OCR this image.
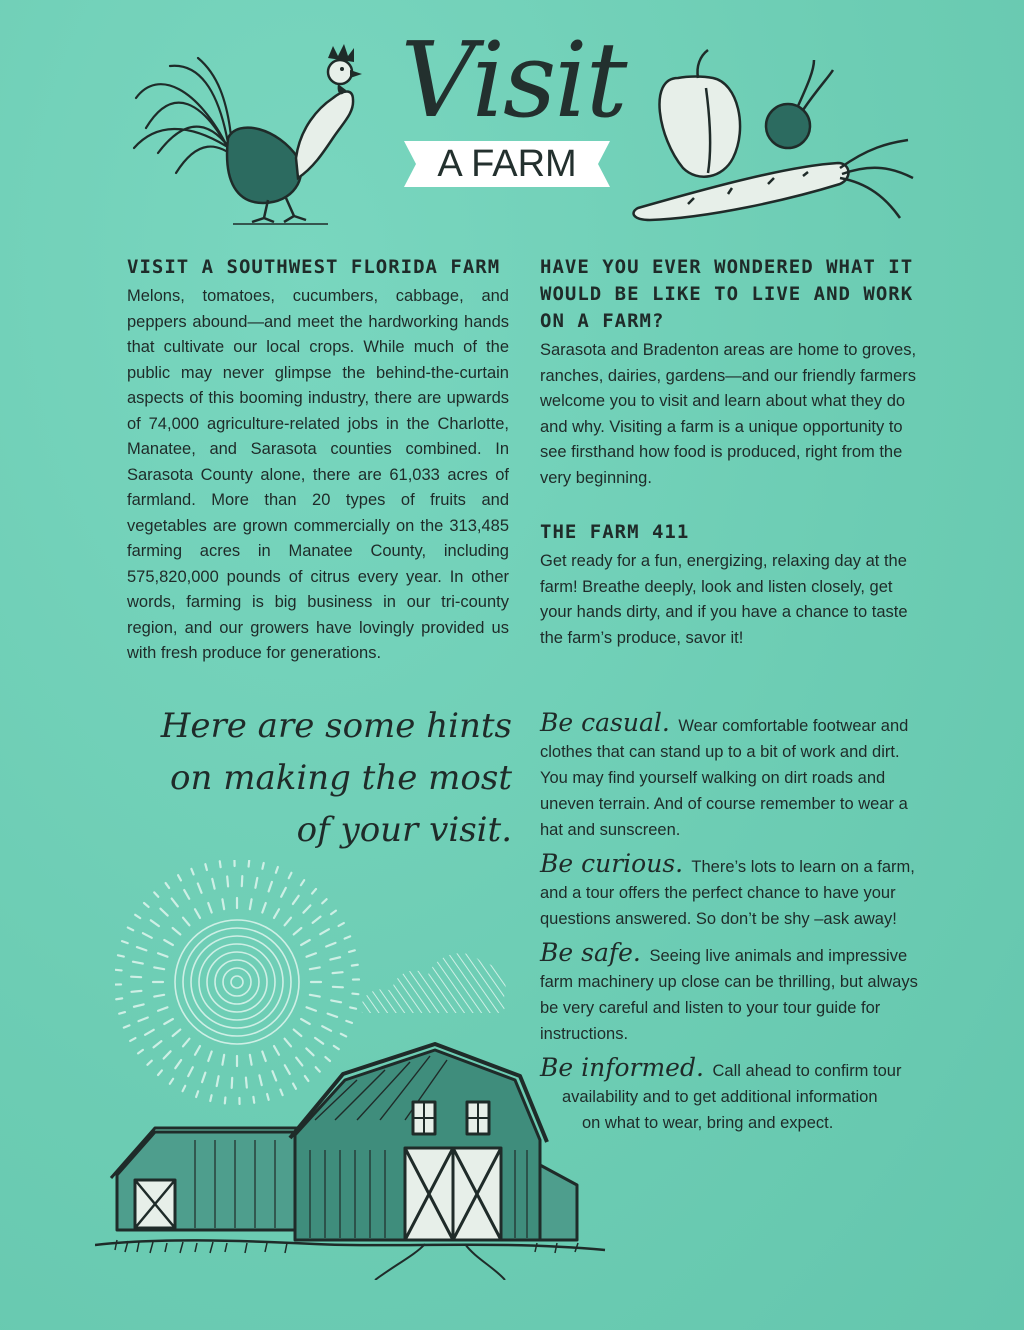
Visit
A FARM
VISIT A SOUTHWEST FLORIDA FARM

Melons, tomatoes, cucumbers, cabbage, and peppers abound—and meet the hardworking hands that cultivate our local crops. While much of the public may never glimpse the behind-the-curtain aspects of this booming industry, there are upwards of 74,000 agriculture-related jobs in the Charlotte, Manatee, and Sarasota counties combined. In Sarasota County alone, there are 61,033 acres of farmland. More than 20 types of fruits and vegetables are grown commercially on the 313,485 farming acres in Manatee County, including 575,820,000 pounds of citrus every year. In other words, farming is big business in our tri-county region, and our growers have lovingly provided us with fresh produce for generations.

HAVE YOU EVER WONDERED WHAT IT WOULD BE LIKE TO LIVE AND WORK ON A FARM?

Sarasota and Bradenton areas are home to groves, ranches, dairies, gardens—and our friendly farmers welcome you to visit and learn about what they do and why. Visiting a farm is a unique opportunity to see firsthand how food is produced, right from the very beginning.

THE FARM 411

Get ready for a fun, energizing, relaxing day at the farm! Breathe deeply, look and listen closely, get your hands dirty, and if you have a chance to taste the farm’s produce, savor it!

Here are some hints
on making the most
of your visit.

Be casual. Wear comfortable footwear and clothes that can stand up to a bit of work and dirt. You may find yourself walking on dirt roads and uneven terrain. And of course remember to wear a hat and sunscreen.

Be curious. There’s lots to learn on a farm, and a tour offers the perfect chance to have your questions answered. So don’t be shy –ask away!

Be safe. Seeing live animals and impressive farm machinery up close can be thrilling, but always be very careful and listen to your tour guide for instructions.

Be informed. Call ahead to confirm tour
availability and to get additional information
on what to wear, bring and expect.
